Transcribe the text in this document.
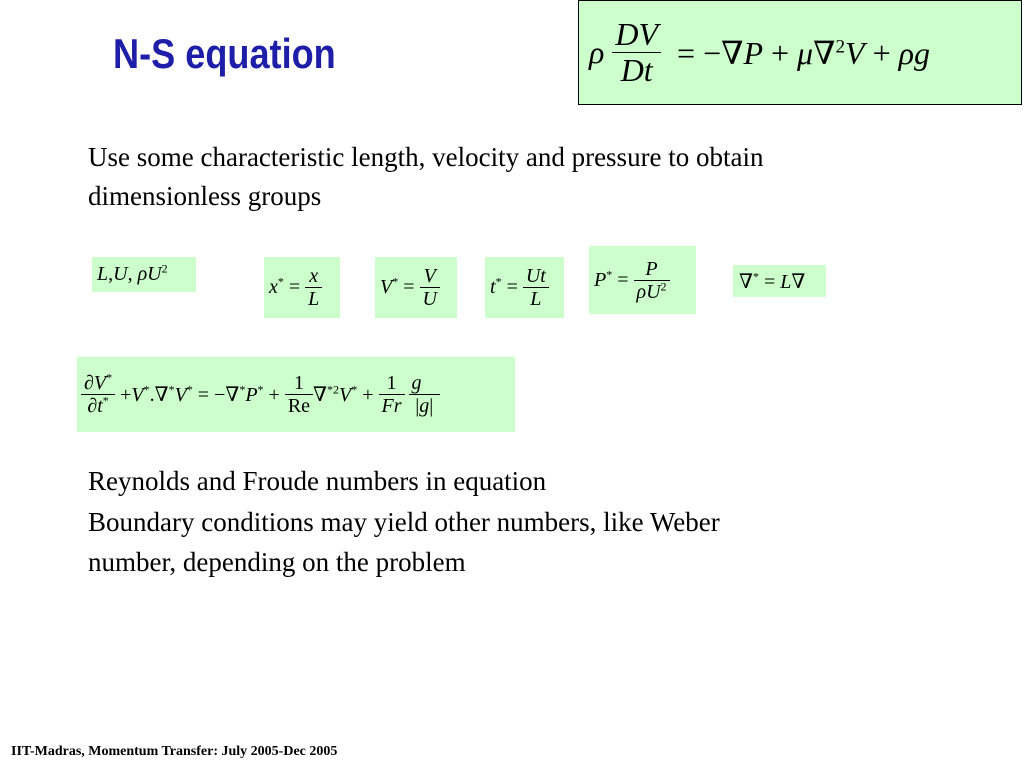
N-S equation	ρ $\frac{DV}{Dt} = -\nabla P + \mu\nabla^2V + \rho g$
Use some characteristic length, velocity and pressure to obtain
dimensionless groups
L,U, $\rho U^2$
$x^* = \frac{x}{L}$	$V^* = \frac{V}{U}$	$t^* = \frac{Ut}{L} P^* = \frac{P}{\rho U^2}$	∇* = L∇
$\frac{\partial V^*}{\partial t^*} +V^*.\nabla^*V^* = -\nabla^*P^* + \frac{1}{Re} \nabla^{*2}V^* + \frac{1}{Fr} \frac{g⃗}{|g|}$
Reynolds and Froude numbers in equation
Boundary conditions may yield other numbers, like Weber
number, depending on the problem
IIT-Madras, Momentum Transfer: July 2005-Dec 2005
